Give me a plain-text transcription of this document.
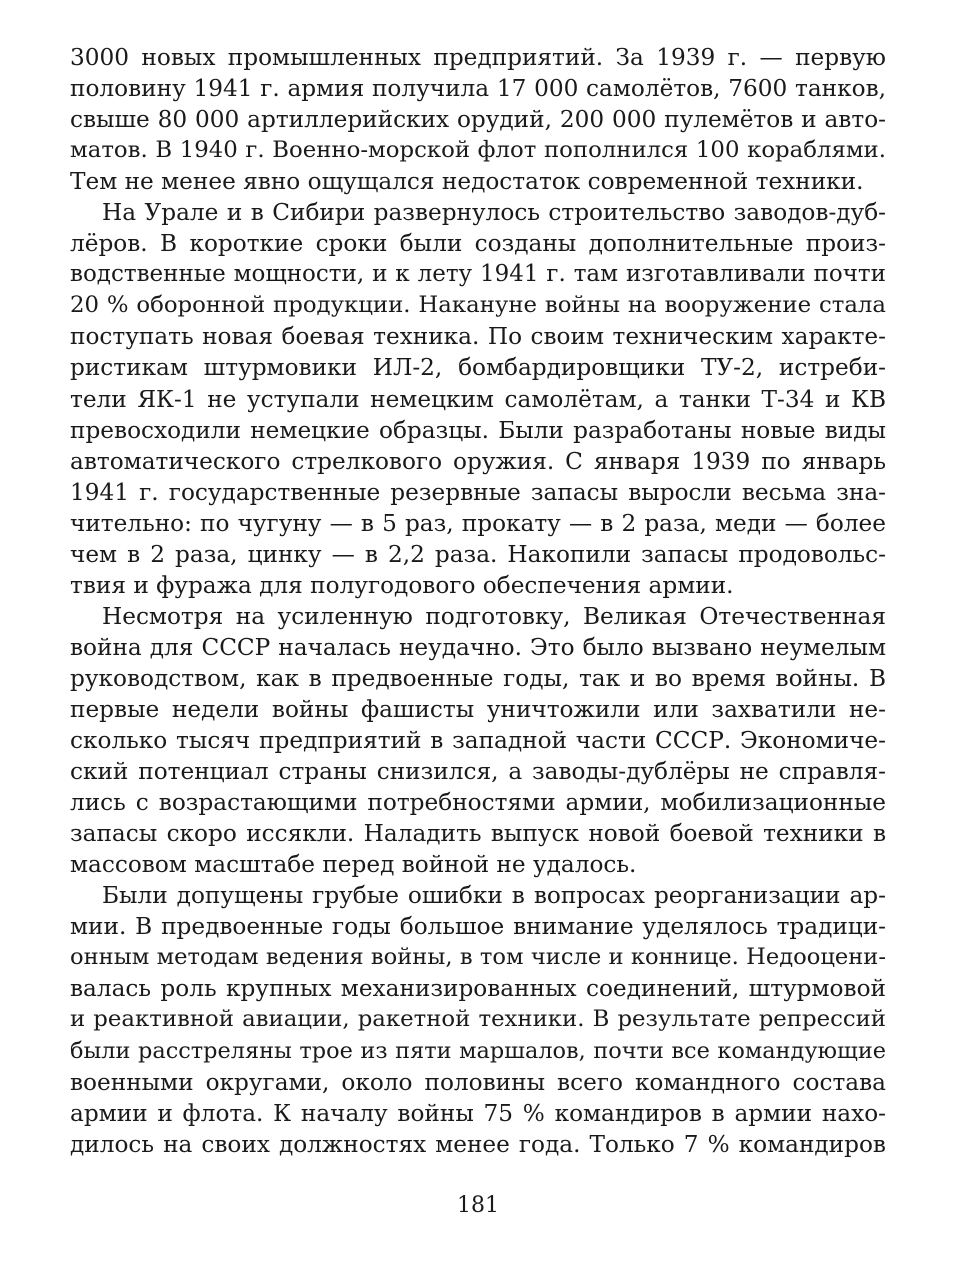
3000 новых промышленных предприятий. За 1939 г. — первую
половину 1941 г. армия получила 17 000 самолётов, 7600 танков,
свыше 80 000 артиллерийских орудий, 200 000 пулемётов и авто-
матов. В 1940 г. Военно-морской флот пополнился 100 кораблями.
Тем не менее явно ощущался недостаток современной техники.
На Урале и в Сибири развернулось строительство заводов-дуб-
лёров. В короткие сроки были созданы дополнительные произ-
водственные мощности, и к лету 1941 г. там изготавливали почти
20 % оборонной продукции. Накануне войны на вооружение стала
поступать новая боевая техника. По своим техническим характе-
ристикам штурмовики ИЛ-2, бомбардировщики ТУ-2, истреби-
тели ЯК-1 не уступали немецким самолётам, а танки Т-34 и КВ
превосходили немецкие образцы. Были разработаны новые виды
автоматического стрелкового оружия. С января 1939 по январь
1941 г. государственные резервные запасы выросли весьма зна-
чительно: по чугуну — в 5 раз, прокату — в 2 раза, меди — более
чем в 2 раза, цинку — в 2,2 раза. Накопили запасы продовольс-
твия и фуража для полугодового обеспечения армии.
Несмотря на усиленную подготовку, Великая Отечественная
война для СССР началась неудачно. Это было вызвано неумелым
руководством, как в предвоенные годы, так и во время войны. В
первые недели войны фашисты уничтожили или захватили не-
сколько тысяч предприятий в западной части СССР. Экономиче-
ский потенциал страны снизился, а заводы-дублёры не справля-
лись с возрастающими потребностями армии, мобилизационные
запасы скоро иссякли. Наладить выпуск новой боевой техники в
массовом масштабе перед войной не удалось.
Были допущены грубые ошибки в вопросах реорганизации ар-
мии. В предвоенные годы большое внимание уделялось традици-
онным методам ведения войны, в том числе и коннице. Недооцени-
валась роль крупных механизированных соединений, штурмовой
и реактивной авиации, ракетной техники. В результате репрессий
были расстреляны трое из пяти маршалов, почти все командующие
военными округами, около половины всего командного состава
армии и флота. К началу войны 75 % командиров в армии нахо-
дилось на своих должностях менее года. Только 7 % командиров
181
